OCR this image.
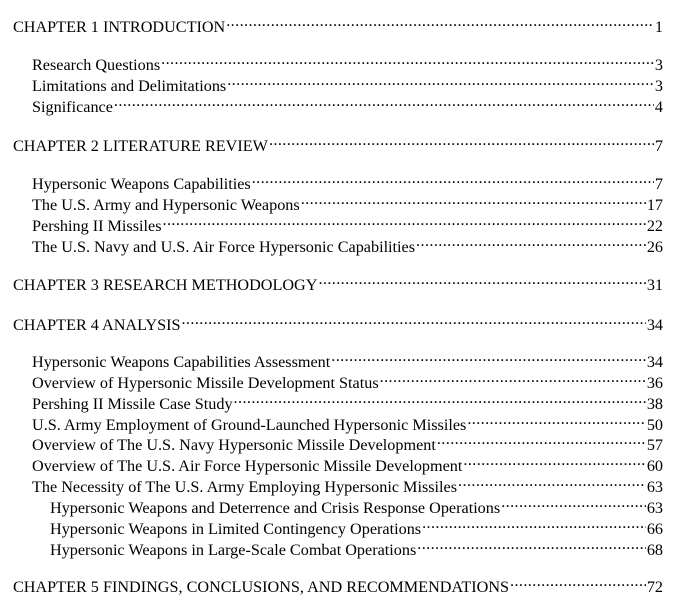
CHAPTER 1 INTRODUCTION .....	1
Research Questions .....	3
Limitations and Delimitations .....	3
Significance .....	4
CHAPTER 2 LITERATURE REVIEW .....	7
Hypersonic Weapons Capabilities .....	7
The U.S. Army and Hypersonic Weapons .....	17
Pershing II Missiles .....	22
The U.S. Navy and U.S. Air Force Hypersonic Capabilities .....	26
CHAPTER 3 RESEARCH METHODOLOGY .....	31
CHAPTER 4 ANALYSIS .....	34
Hypersonic Weapons Capabilities Assessment .....	34
Overview of Hypersonic Missile Development Status .....	36
Pershing II Missile Case Study .....	38
U.S. Army Employment of Ground-Launched Hypersonic Missiles .....	50
Overview of The U.S. Navy Hypersonic Missile Development .....	57
Overview of The U.S. Air Force Hypersonic Missile Development .....	60
The Necessity of The U.S. Army Employing Hypersonic Missiles .....	63
Hypersonic Weapons and Deterrence and Crisis Response Operations .....	63
Hypersonic Weapons in Limited Contingency Operations .....	66
Hypersonic Weapons in Large-Scale Combat Operations .....	68
CHAPTER 5 FINDINGS, CONCLUSIONS, AND RECOMMENDATIONS .....	72
